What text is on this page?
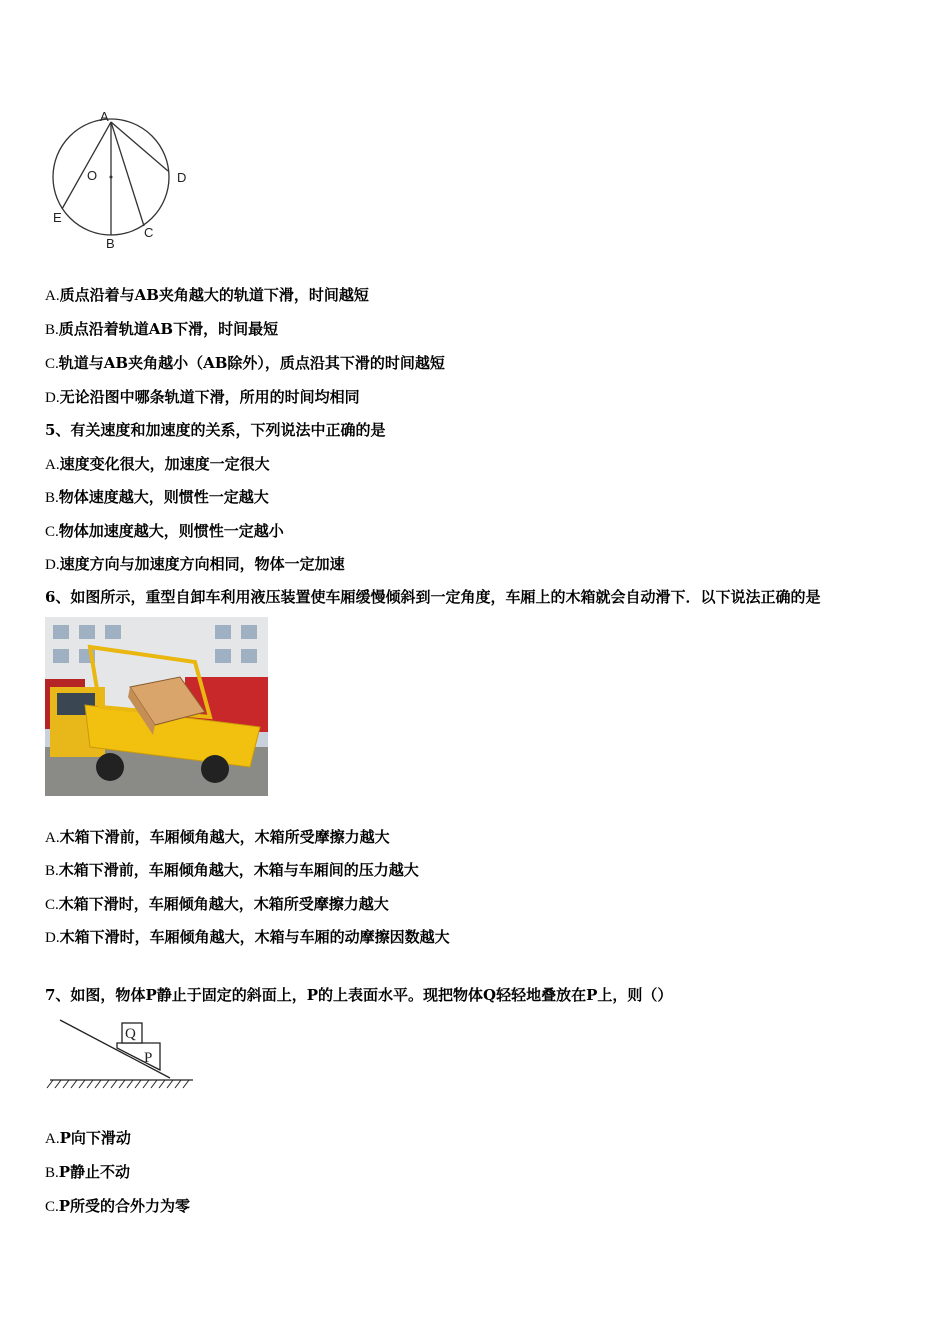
A
O	D
E
B
C
A.质点沿着与AB夹角越大的轨道下滑，时间越短
B.质点沿着轨道AB下滑，时间最短
C.轨道与AB夹角越小（AB除外），质点沿其下滑的时间越短
D.无论沿图中哪条轨道下滑，所用的时间均相同
5、有关速度和加速度的关系，下列说法中正确的是
A.速度变化很大，加速度一定很大
B.物体速度越大，则惯性一定越大
C.物体加速度越大，则惯性一定越小
D.速度方向与加速度方向相同，物体一定加速
6、如图所示，重型自卸车利用液压装置使车厢缓慢倾斜到一定角度，车厢上的木箱就会自动滑下．以下说法正确的是
A.木箱下滑前，车厢倾角越大，木箱所受摩擦力越大
B.木箱下滑前，车厢倾角越大，木箱与车厢间的压力越大
C.木箱下滑时，车厢倾角越大，木箱所受摩擦力越大
D.木箱下滑时，车厢倾角越大，木箱与车厢的动摩擦因数越大
7、如图，物体P静止于固定的斜面上，P的上表面水平。现把物体Q轻轻地叠放在P上，则（）
Q
P
A.P向下滑动
B.P静止不动
C.P所受的合外力为零
